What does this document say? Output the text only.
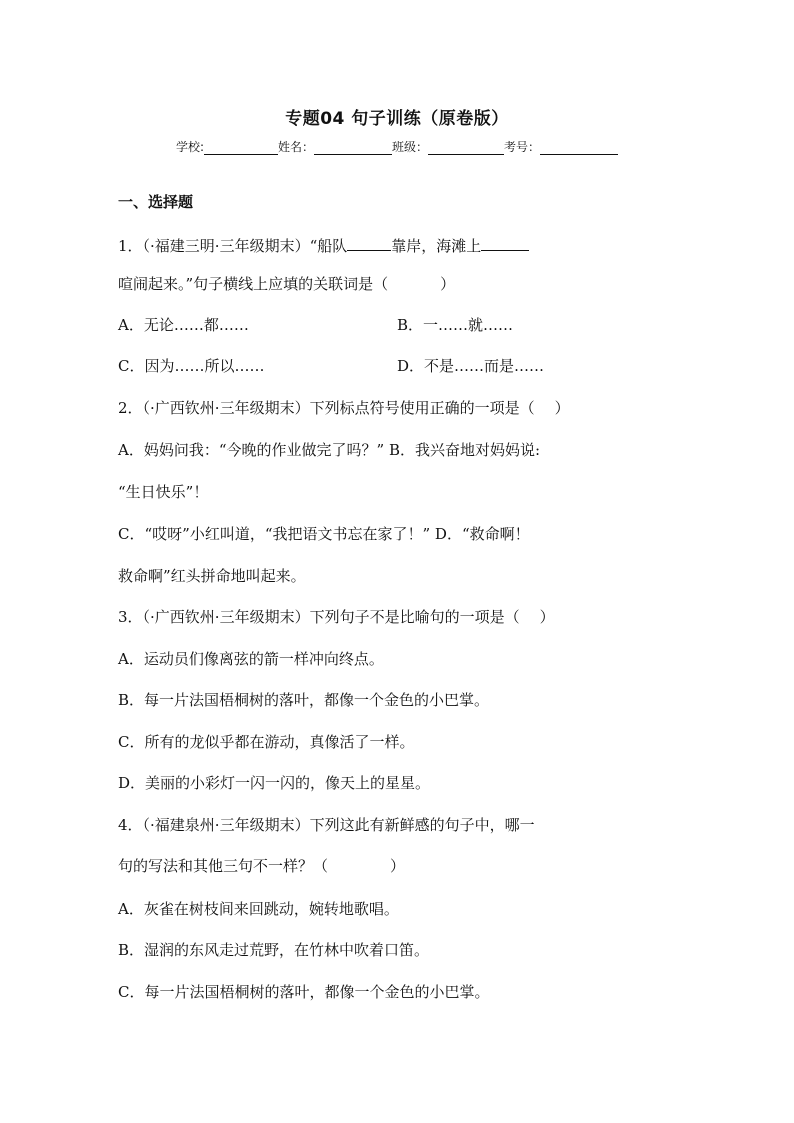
专题04 句子训练（原卷版）
学校:	姓名：	班级：	考号：
一、选择题
1．（·福建三明·三年级期末）“船队	靠岸，海滩上
喧闹起来。”句子横线上应填的关联词是（	）
A．无论……都……	B．一……就……
C．因为……所以……	D．不是……而是……
2．（·广西钦州·三年级期末）下列标点符号使用正确的一项是（ ）
A．妈妈问我：“今晚的作业做完了吗？” B．我兴奋地对妈妈说:
“生日快乐”！
C．“哎呀”小红叫道，“我把语文书忘在家了！” D．“救命啊！
救命啊”红头拼命地叫起来。
3．（·广西钦州·三年级期末）下列句子不是比喻句的一项是（ ）
A．运动员们像离弦的箭一样冲向终点。
B．每一片法国梧桐树的落叶，都像一个金色的小巴掌。
C．所有的龙似乎都在游动，真像活了一样。
D．美丽的小彩灯一闪一闪的，像天上的星星。
4．（·福建泉州·三年级期末）下列这此有新鲜感的句子中，哪一
句的写法和其他三句不一样？（	）
A．灰雀在树枝间来回跳动，婉转地歌唱。
B．湿润的东风走过荒野，在竹林中吹着口笛。
C．每一片法国梧桐树的落叶，都像一个金色的小巴掌。
